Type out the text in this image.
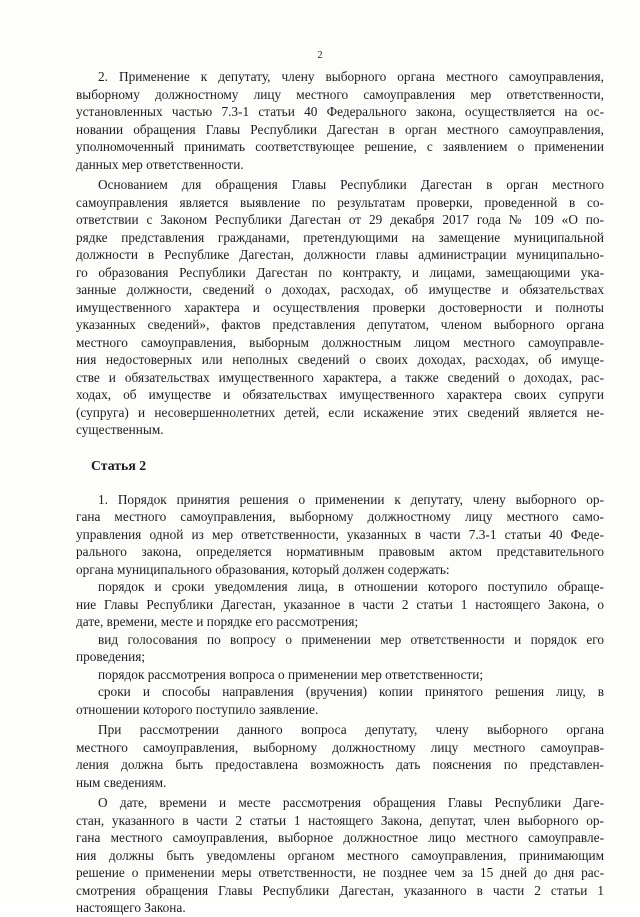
2

2. Применение к депутату, члену выборного органа местного самоуправления,
выборному должностному лицу местного самоуправления мер ответственности,
установленных частью 7.3-1 статьи 40 Федерального закона, осуществляется на ос-
новании обращения Главы Республики Дагестан в орган местного самоуправления,
уполномоченный принимать соответствующее решение, с заявлением о применении
данных мер ответственности.

Основанием для обращения Главы Республики Дагестан в орган местного
самоуправления является выявление по результатам проверки, проведенной в со-
ответствии с Законом Республики Дагестан от 29 декабря 2017 года № 109 «О по-
рядке представления гражданами, претендующими на замещение муниципальной
должности в Республике Дагестан, должности главы администрации муниципально-
го образования Республики Дагестан по контракту, и лицами, замещающими ука-
занные должности, сведений о доходах, расходах, об имуществе и обязательствах
имущественного характера и осуществления проверки достоверности и полноты
указанных сведений», фактов представления депутатом, членом выборного органа
местного самоуправления, выборным должностным лицом местного самоуправле-
ния недостоверных или неполных сведений о своих доходах, расходах, об имуще-
стве и обязательствах имущественного характера, а также сведений о доходах, рас-
ходах, об имуществе и обязательствах имущественного характера своих супруги
(супруга) и несовершеннолетних детей, если искажение этих сведений является не-
существенным.

Статья 2

1. Порядок принятия решения о применении к депутату, члену выборного ор-
гана местного самоуправления, выборному должностному лицу местного само-
управления одной из мер ответственности, указанных в части 7.3-1 статьи 40 Феде-
рального закона, определяется нормативным правовым актом представительного
органа муниципального образования, который должен содержать:

порядок и сроки уведомления лица, в отношении которого поступило обраще-
ние Главы Республики Дагестан, указанное в части 2 статьи 1 настоящего Закона, о
дате, времени, месте и порядке его рассмотрения;

вид голосования по вопросу о применении мер ответственности и порядок его
проведения;

порядок рассмотрения вопроса о применении мер ответственности;

сроки и способы направления (вручения) копии принятого решения лицу, в
отношении которого поступило заявление.

При рассмотрении данного вопроса депутату, члену выборного органа
местного самоуправления, выборному должностному лицу местного самоуправ-
ления должна быть предоставлена возможность дать пояснения по представлен-
ным сведениям.

О дате, времени и месте рассмотрения обращения Главы Республики Даге-
стан, указанного в части 2 статьи 1 настоящего Закона, депутат, член выборного ор-
гана местного самоуправления, выборное должностное лицо местного самоуправле-
ния должны быть уведомлены органом местного самоуправления, принимающим
решение о применении меры ответственности, не позднее чем за 15 дней до дня рас-
смотрения обращения Главы Республики Дагестан, указанного в части 2 статьи 1
настоящего Закона.
